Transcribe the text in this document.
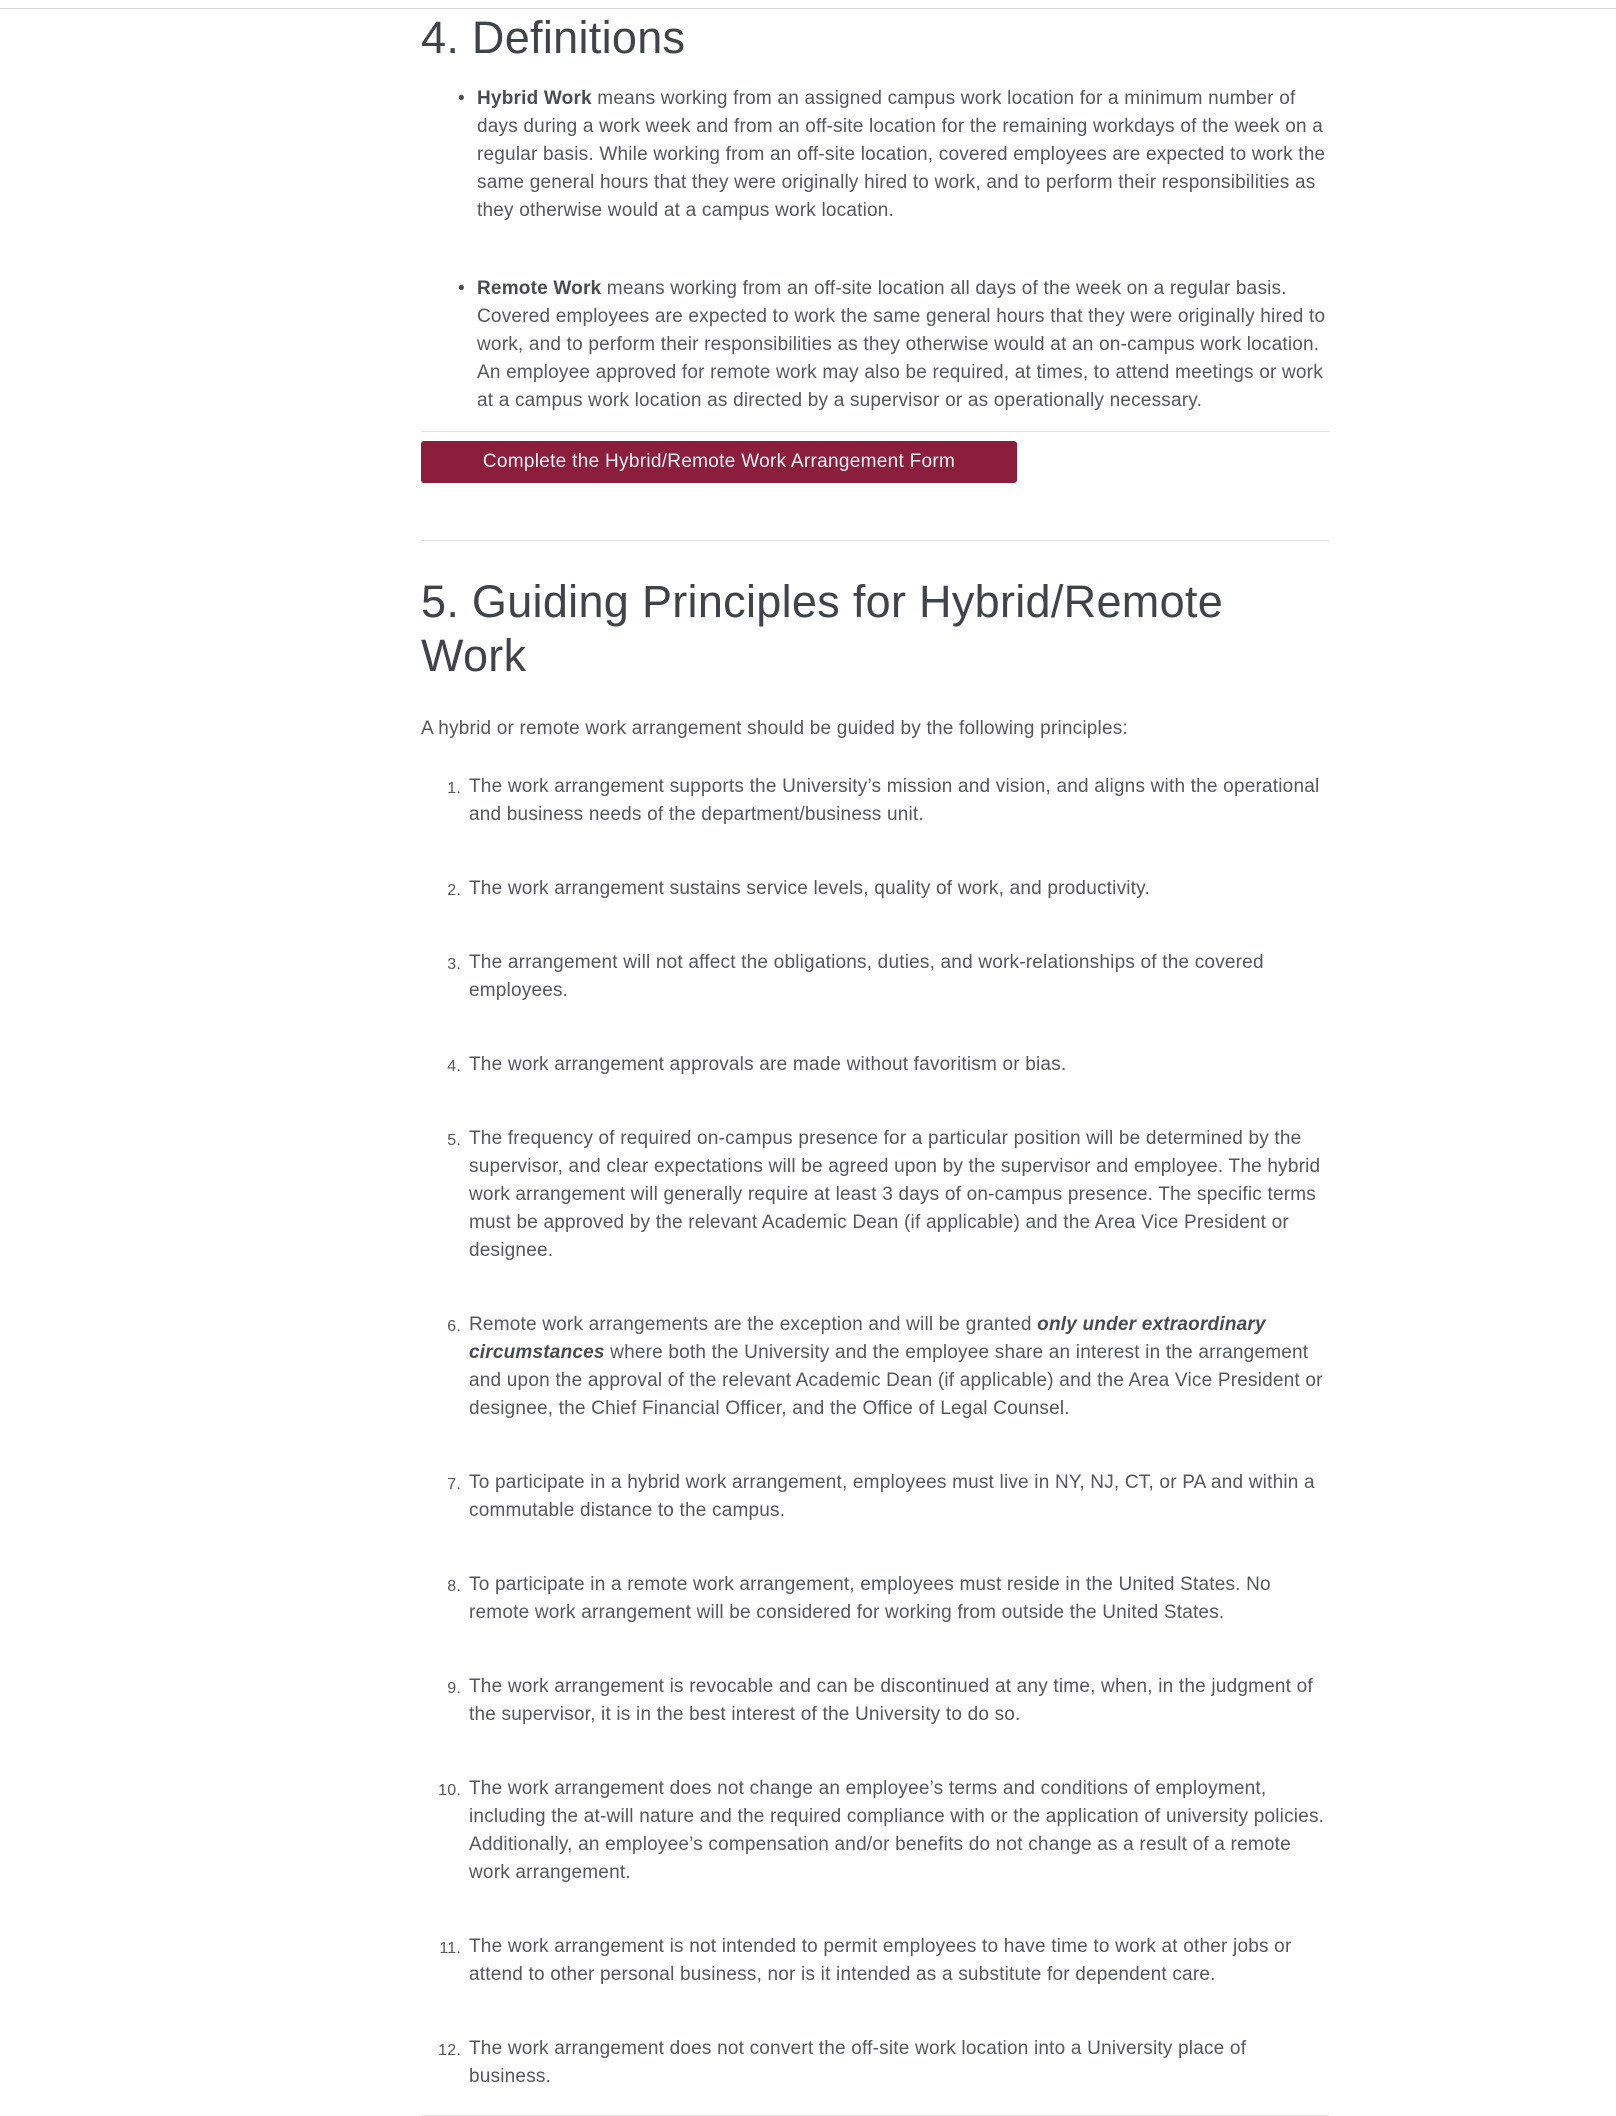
4. Definitions
• Hybrid Work means working from an assigned campus work location for a minimum number of days during a work week and from an off-site location for the remaining workdays of the week on a regular basis. While working from an off-site location, covered employees are expected to work the same general hours that they were originally hired to work, and to perform their responsibilities as they otherwise would at a campus work location.
• Remote Work means working from an off-site location all days of the week on a regular basis. Covered employees are expected to work the same general hours that they were originally hired to work, and to perform their responsibilities as they otherwise would at an on-campus work location. An employee approved for remote work may also be required, at times, to attend meetings or work at a campus work location as directed by a supervisor or as operationally necessary.
Complete the Hybrid/Remote Work Arrangement Form
5. Guiding Principles for Hybrid/Remote
Work

A hybrid or remote work arrangement should be guided by the following principles:

1. The work arrangement supports the University’s mission and vision, and aligns with the operational and business needs of the department/business unit.
2. The work arrangement sustains service levels, quality of work, and productivity.
3. The arrangement will not affect the obligations, duties, and work-relationships of the covered employees.
4. The work arrangement approvals are made without favoritism or bias.
5. The frequency of required on-campus presence for a particular position will be determined by the supervisor, and clear expectations will be agreed upon by the supervisor and employee. The hybrid work arrangement will generally require at least 3 days of on-campus presence. The specific terms must be approved by the relevant Academic Dean (if applicable) and the Area Vice President or designee.
6. Remote work arrangements are the exception and will be granted only under extraordinary circumstances where both the University and the employee share an interest in the arrangement and upon the approval of the relevant Academic Dean (if applicable) and the Area Vice President or designee, the Chief Financial Officer, and the Office of Legal Counsel.
7. To participate in a hybrid work arrangement, employees must live in NY, NJ, CT, or PA and within a commutable distance to the campus.
8. To participate in a remote work arrangement, employees must reside in the United States. No remote work arrangement will be considered for working from outside the United States.
9. The work arrangement is revocable and can be discontinued at any time, when, in the judgment of the supervisor, it is in the best interest of the University to do so.
10. The work arrangement does not change an employee’s terms and conditions of employment, including the at-will nature and the required compliance with or the application of university policies. Additionally, an employee’s compensation and/or benefits do not change as a result of a remote work arrangement.
11. The work arrangement is not intended to permit employees to have time to work at other jobs or attend to other personal business, nor is it intended as a substitute for dependent care.
12. The work arrangement does not convert the off-site work location into a University place of business.
